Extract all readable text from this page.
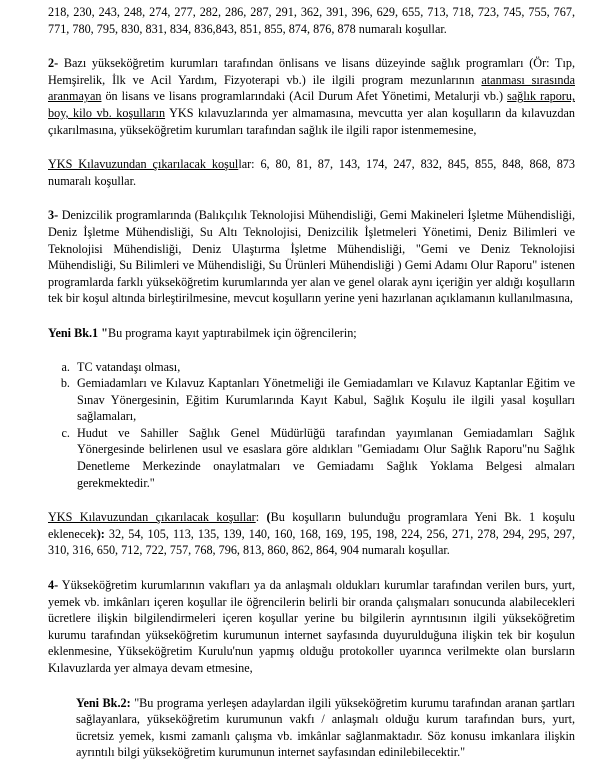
218, 230, 243, 248, 274, 277, 282, 286, 287, 291, 362, 391, 396, 629, 655, 713, 718, 723, 745, 755, 767, 771, 780, 795, 830, 831, 834, 836,843, 851, 855, 874, 876, 878 numaralı koşullar.

2- Bazı yükseköğretim kurumları tarafından önlisans ve lisans düzeyinde sağlık programları (Ör: Tıp, Hemşirelik, İlk ve Acil Yardım, Fizyoterapi vb.) ile ilgili program mezunlarının atanması sırasında aranmayan ön lisans ve lisans programlarındaki (Acil Durum Afet Yönetimi, Metalurji vb.) sağlık raporu, boy, kilo vb. koşulların YKS kılavuzlarında yer almamasına, mevcutta yer alan koşulların da kılavuzdan çıkarılmasına, yükseköğretim kurumları tarafından sağlık ile ilgili rapor istenmemesine,

YKS Kılavuzundan çıkarılacak koşullar: 6, 80, 81, 87, 143, 174, 247, 832, 845, 855, 848, 868, 873 numaralı koşullar.

3- Denizcilik programlarında (Balıkçılık Teknolojisi Mühendisliği, Gemi Makineleri İşletme Mühendisliği, Deniz İşletme Mühendisliği, Su Altı Teknolojisi, Denizcilik İşletmeleri Yönetimi, Deniz Bilimleri ve Teknolojisi Mühendisliği, Deniz Ulaştırma İşletme Mühendisliği, "Gemi ve Deniz Teknolojisi Mühendisliği, Su Bilimleri ve Mühendisliği, Su Ürünleri Mühendisliği ) Gemi Adamı Olur Raporu" istenen programlarda farklı yükseköğretim kurumlarında yer alan ve genel olarak aynı içeriğin yer aldığı koşulların tek bir koşul altında birleştirilmesine, mevcut koşulların yerine yeni hazırlanan açıklamanın kullanılmasına,

Yeni Bk.1 "Bu programa kayıt yaptırabilmek için öğrencilerin;

a. TC vatandaşı olması,
b. Gemiadamları ve Kılavuz Kaptanları Yönetmeliği ile Gemiadamları ve Kılavuz Kaptanlar Eğitim ve Sınav Yönergesinin, Eğitim Kurumlarında Kayıt Kabul, Sağlık Koşulu ile ilgili yasal koşulları sağlamaları,
c. Hudut ve Sahiller Sağlık Genel Müdürlüğü tarafından yayımlanan Gemiadamları Sağlık Yönergesinde belirlenen usul ve esaslara göre aldıkları "Gemiadamı Olur Sağlık Raporu"nu Sağlık Denetleme Merkezinde onaylatmaları ve Gemiadamı Sağlık Yoklama Belgesi almaları gerekmektedir."

YKS Kılavuzundan çıkarılacak koşullar: (Bu koşulların bulunduğu programlara Yeni Bk. 1 koşulu eklenecek): 32, 54, 105, 113, 135, 139, 140, 160, 168, 169, 195, 198, 224, 256, 271, 278, 294, 295, 297, 310, 316, 650, 712, 722, 757, 768, 796, 813, 860, 862, 864, 904 numaralı koşullar.

4- Yükseköğretim kurumlarının vakıfları ya da anlaşmalı oldukları kurumlar tarafından verilen burs, yurt, yemek vb. imkânları içeren koşullar ile öğrencilerin belirli bir oranda çalışmaları sonucunda alabilecekleri ücretlere ilişkin bilgilendirmeleri içeren koşullar yerine bu bilgilerin ayrıntısının ilgili yükseköğretim kurumu tarafından yükseköğretim kurumunun internet sayfasında duyurulduğuna ilişkin tek bir koşulun eklenmesine, Yükseköğretim Kurulu'nun yapmış olduğu protokoller uyarınca verilmekte olan bursların Kılavuzlarda yer almaya devam etmesine,

Yeni Bk.2: "Bu programa yerleşen adaylardan ilgili yükseköğretim kurumu tarafından aranan şartları sağlayanlara, yükseköğretim kurumunun vakfı / anlaşmalı olduğu kurum tarafından burs, yurt, ücretsiz yemek, kısmi zamanlı çalışma vb. imkânlar sağlanmaktadır. Söz konusu imkanlara ilişkin ayrıntılı bilgi yükseköğretim kurumunun internet sayfasından edinilebilecektir."
